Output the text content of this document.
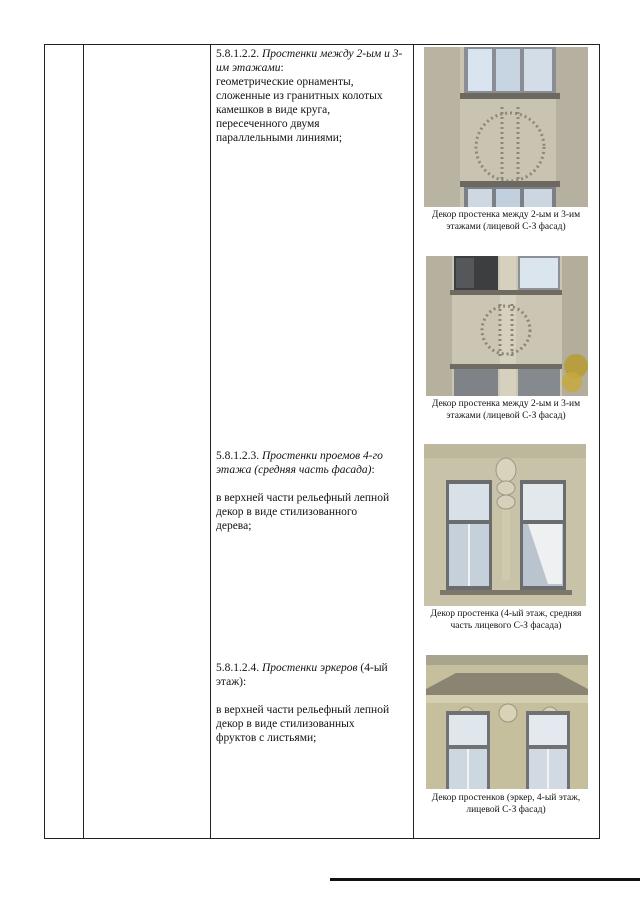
5.8.1.2.2. Простенки между 2-ым и 3-им этажами:

геометрические орнаменты,

сложенные из гранитных колотых

камешков в виде круга,

пересеченного двумя

параллельными линиями;

5.8.1.2.3. Простенки проемов 4-го этажа (средняя часть фасада):

в верхней части рельефный лепной

декор в виде стилизованного

дерева;

5.8.1.2.4. Простенки эркеров (4-ый этаж):

в верхней части рельефный лепной

декор в виде стилизованных

фруктов с листьями;

Декор простенка между 2-ым и 3-им
этажами (лицевой С-З фасад)
Декор простенка между 2-ым и 3-им
этажами (лицевой С-З фасад)
Декор простенка (4-ый этаж, средняя
часть лицевого С-З фасада)
Декор простенков (эркер, 4-ый этаж,
лицевой С-З фасад)
